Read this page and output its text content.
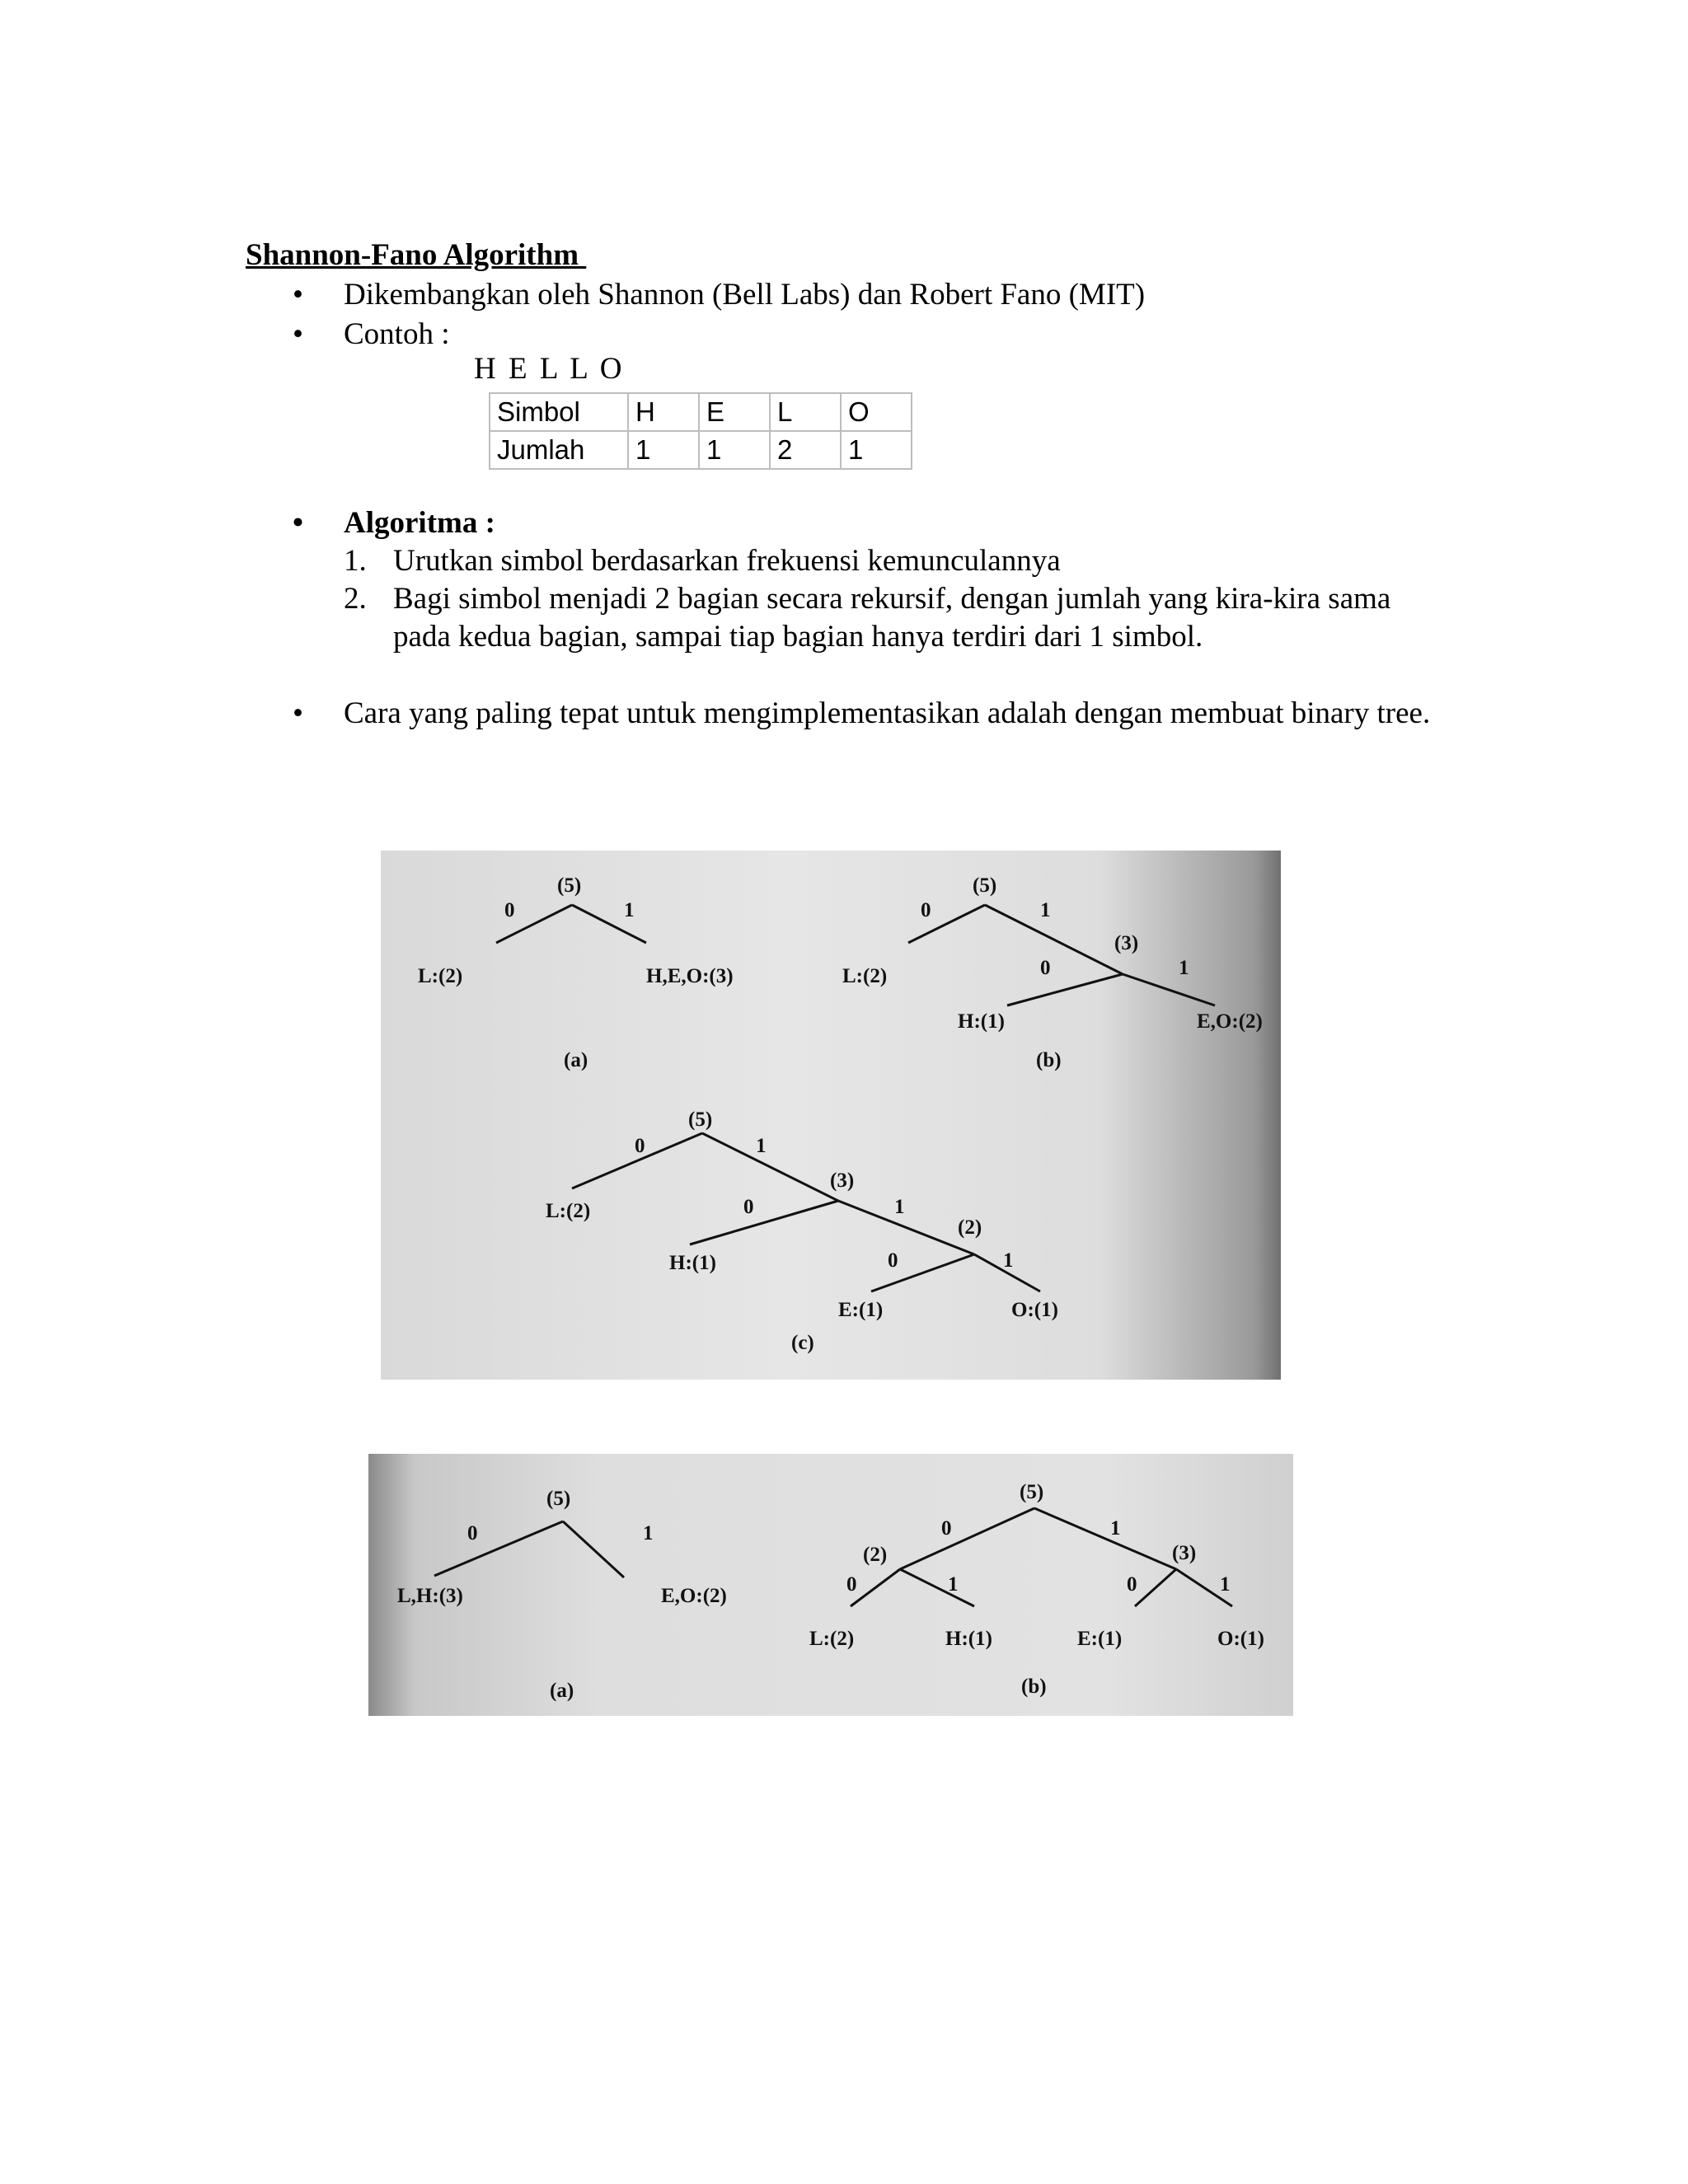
Shannon-Fano Algorithm
• Dikembangkan oleh Shannon (Bell Labs) dan Robert Fano (MIT)
• Contoh :
H E L L O
Simbol	H	E	L	O
Jumlah	1	1	2	1
• Algoritma :
1. Urutkan simbol berdasarkan frekuensi kemunculannya
2. Bagi simbol menjadi 2 bagian secara rekursif, dengan jumlah yang kira-kira sama pada kedua bagian, sampai tiap bagian hanya terdiri dari 1 simbol.
• Cara yang paling tepat untuk mengimplementasikan adalah dengan membuat binary tree.
(5)
0	1
L:(2)	H,E,O:(3)
(a)
(5)
0	1
L:(2)
(3)
0	1
H:(1)	E,O:(2)
(b)
(5)
0	1
L:(2)
(3)
0	1
H:(1)
(2)
0	1
E:(1)	O:(1)
(c)
(5)
0	1
L,H:(3)	E,O:(2)
(a)
(5)
0	1
(2)	(3)
0	1	0	1
L:(2)	H:(1)	E:(1)	O:(1)
(b)
